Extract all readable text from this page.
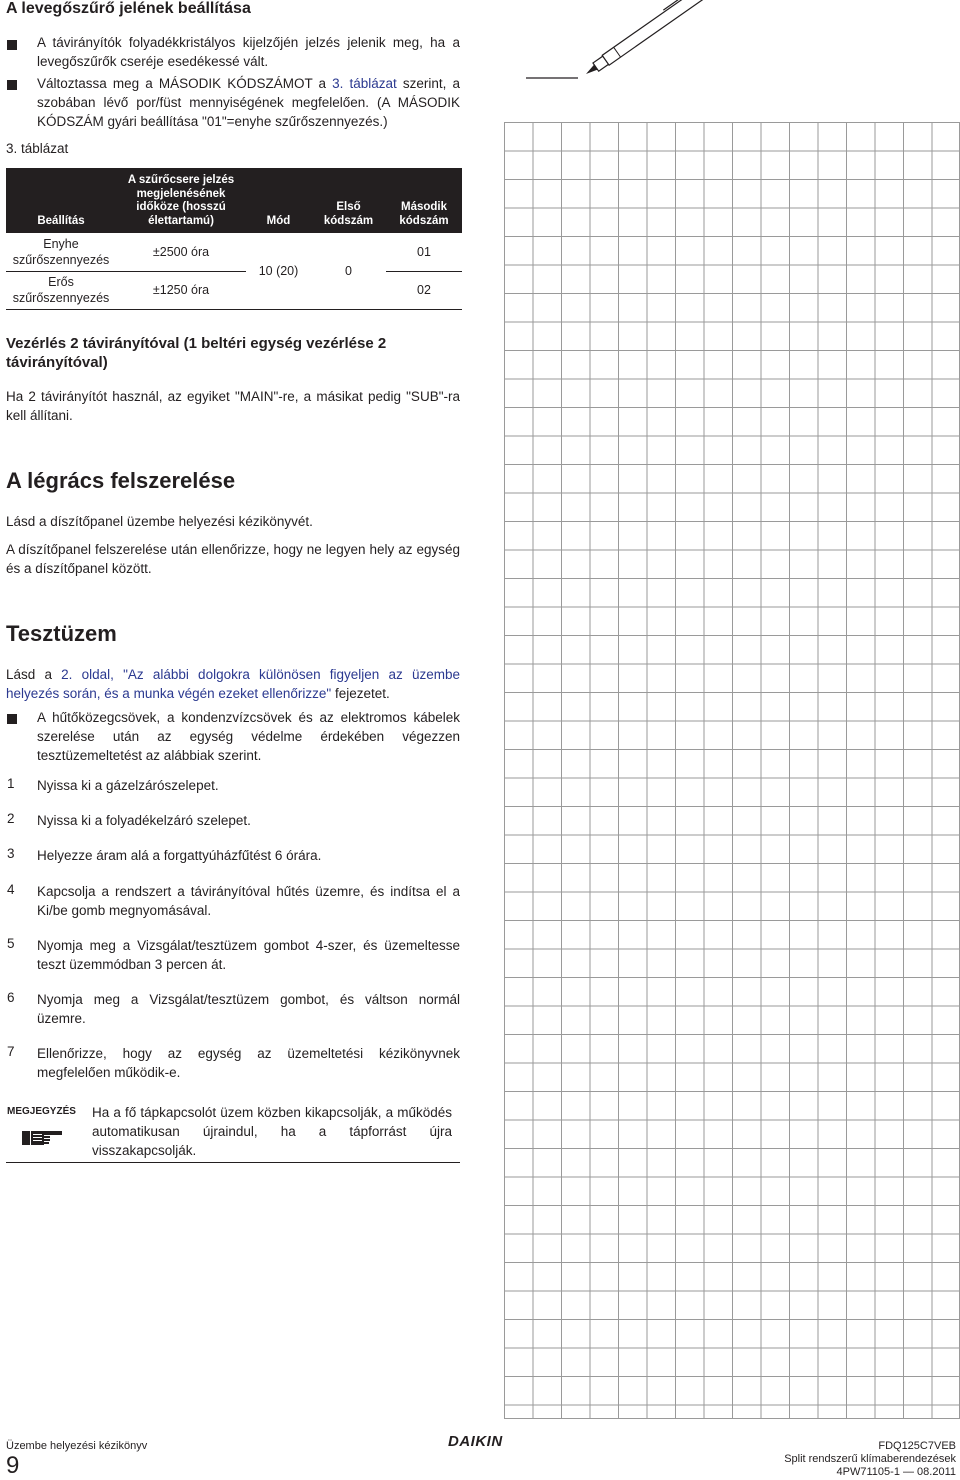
A levegőszűrő jelének beállítása
A távirányítók folyadékkristályos kijelzőjén jelzés jelenik meg, ha a levegőszűrők cseréje esedékessé vált.
Változtassa meg a MÁSODIK KÓDSZÁMOT a 3. táblázat szerint, a szobában lévő por/füst mennyiségének megfelelően. (A MÁSODIK KÓDSZÁM gyári beállítása "01"=enyhe szűrőszennyezés.)
3. táblázat
Beállítás	A szűrőcsere jelzés megjelenésének időköze (hosszú élettartamú)	Mód	Első kódszám	Második kódszám
Enyhe szűrőszennyezés	±2500 óra	10 (20)	0	01
Erős szűrőszennyezés	±1250 óra			02
Vezérlés 2 távirányítóval (1 beltéri egység vezérlése 2 távirányítóval)
Ha 2 távirányítót használ, az egyiket "MAIN"-re, a másikat pedig "SUB"-ra kell állítani.
A légrács felszerelése
Lásd a díszítőpanel üzembe helyezési kézikönyvét.
A díszítőpanel felszerelése után ellenőrizze, hogy ne legyen hely az egység és a díszítőpanel között.
Tesztüzem
Lásd a 2. oldal, "Az alábbi dolgokra különösen figyeljen az üzembe helyezés során, és a munka végén ezeket ellenőrizze" fejezetet.
A hűtőközegcsövek, a kondenzvízcsövek és az elektromos kábelek szerelése után az egység védelme érdekében végezzen tesztüzemeltetést az alábbiak szerint.
1 Nyissa ki a gázelzárószelepet.
2 Nyissa ki a folyadékelzáró szelepet.
3 Helyezze áram alá a forgattyúházfűtést 6 órára.
4 Kapcsolja a rendszert a távirányítóval hűtés üzemre, és indítsa el a Ki/be gomb megnyomásával.
5 Nyomja meg a Vizsgálat/tesztüzem gombot 4-szer, és üzemeltesse teszt üzemmódban 3 percen át.
6 Nyomja meg a Vizsgálat/tesztüzem gombot, és váltson normál üzemre.
7 Ellenőrizze, hogy az egység az üzemeltetési kézikönyvnek megfelelően működik-e.
MEGJEGYZÉS Ha a fő tápkapcsolót üzem közben kikapcsolják, a működés automatikusan újraindul, ha a tápforrást újra visszakapcsolják.
Üzembe helyezési kézikönyv
9
DAIKIN	FDQ125C7VEB
Split rendszerű klímaberendezések
4PW71105-1 — 08.2011
